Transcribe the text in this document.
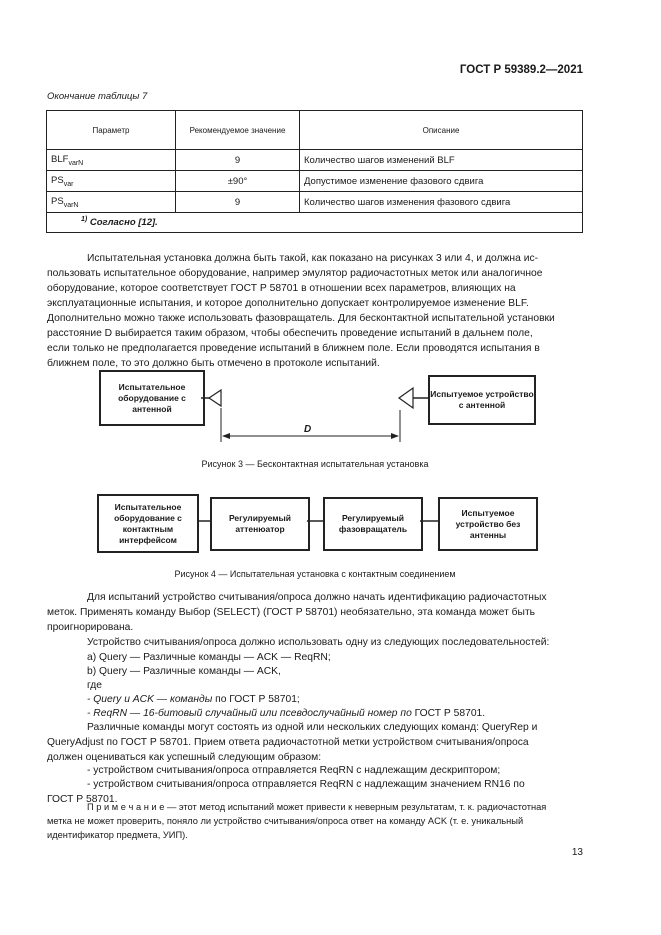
ГОСТ Р 59389.2—2021
Окончание таблицы 7
Параметр	Рекомендуемое значение	Описание
$BLF_{varN}$	9	Количество шагов изменений BLF
$PS_{var}$	±90°	Допустимое изменение фазового сдвига
$PS_{varN}$	9	Количество шагов изменения фазового сдвига
$^{1)}$ Согласно [12].		
Испытательная установка должна быть такой, как показано на рисунках 3 или 4, и должна ис-
пользовать испытательное оборудование, например эмулятор радиочастотных меток или аналогичное
оборудование, которое соответствует ГОСТ Р 58701 в отношении всех параметров, влияющих на
эксплуатационные испытания, и которое дополнительно допускает контролируемое изменение BLF.
Дополнительно можно также использовать фазовращатель. Для бесконтактной испытательной установки
расстояние D выбирается таким образом, чтобы обеспечить проведение испытаний в дальнем поле,
если только не предполагается проведение испытаний в ближнем поле. Если проводятся испытания в
ближнем поле, то это должно быть отмечено в протоколе испытаний.
Испытательное оборудование с антенной
Испытуемое устройство с антенной
D
Рисунок 3 — Бесконтактная испытательная установка
Испытательное оборудование с контактным интерфейсом
Регулируемый аттенюатор
Регулируемый фазовращатель
Испытуемое устройство без антенны
Рисунок 4 — Испытательная установка с контактным соединением
Для испытаний устройство считывания/опроса должно начать идентификацию радиочастотных
меток. Применять команду Выбор (SELECT) (ГОСТ Р 58701) необязательно, эта команда может быть
проигнорирована.
Устройство считывания/опроса должно использовать одну из следующих последовательностей:
a) Query — Различные команды — ACK — ReqRN;
b) Query — Различные команды — ACK,
где
- Query и ACK — команды по ГОСТ Р 58701;
- ReqRN — 16-битовый случайный или псевдослучайный номер по ГОСТ Р 58701.
Различные команды могут состоять из одной или нескольких следующих команд: QueryRep и
QueryAdjust по ГОСТ Р 58701. Прием ответа радиочастотной метки устройством считывания/опроса
должен оцениваться как успешный следующим образом:
- устройством считывания/опроса отправляется ReqRN с надлежащим дескриптором;
- устройством считывания/опроса отправляется ReqRN с надлежащим значением RN16 по
ГОСТ Р 58701.
П р и м е ч а н и е — этот метод испытаний может привести к неверным результатам, т. к. радиочастотная
метка не может проверить, поняло ли устройство считывания/опроса ответ на команду ACK (т. е. уникальный
идентификатор предмета, УИП).
13
